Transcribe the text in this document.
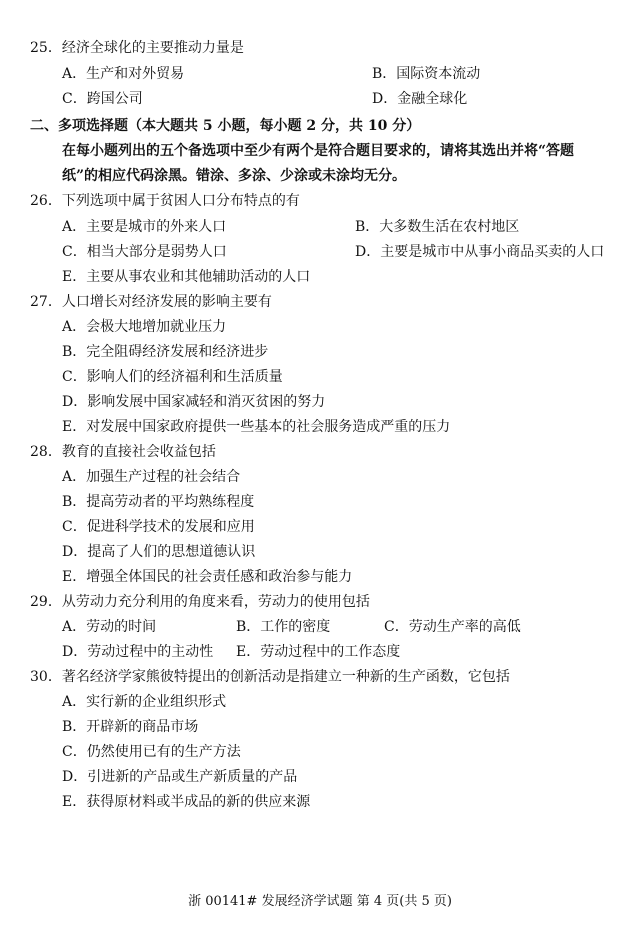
25．经济全球化的主要推动力量是
A．生产和对外贸易	B．国际资本流动
C．跨国公司	D．金融全球化
二、多项选择题（本大题共 5 小题，每小题 2 分，共 10 分）
在每小题列出的五个备选项中至少有两个是符合题目要求的，请将其选出并将“答题
纸”的相应代码涂黑。错涂、多涂、少涂或未涂均无分。
26．下列选项中属于贫困人口分布特点的有
A．主要是城市的外来人口	B．大多数生活在农村地区
C．相当大部分是弱势人口	D．主要是城市中从事小商品买卖的人口
E．主要从事农业和其他辅助活动的人口
27．人口增长对经济发展的影响主要有
A．会极大地增加就业压力
B．完全阻碍经济发展和经济进步
C．影响人们的经济福利和生活质量
D．影响发展中国家减轻和消灭贫困的努力
E．对发展中国家政府提供一些基本的社会服务造成严重的压力
28．教育的直接社会收益包括
A．加强生产过程的社会结合
B．提高劳动者的平均熟练程度
C．促进科学技术的发展和应用
D．提高了人们的思想道德认识
E．增强全体国民的社会责任感和政治参与能力
29．从劳动力充分利用的角度来看，劳动力的使用包括
A．劳动的时间	B．工作的密度	C．劳动生产率的高低
D．劳动过程中的主动性 E．劳动过程中的工作态度
30．著名经济学家熊彼特提出的创新活动是指建立一种新的生产函数，它包括
A．实行新的企业组织形式
B．开辟新的商品市场
C．仍然使用已有的生产方法
D．引进新的产品或生产新质量的产品
E．获得原材料或半成品的新的供应来源
浙 00141# 发展经济学试题 第 4 页(共 5 页)
